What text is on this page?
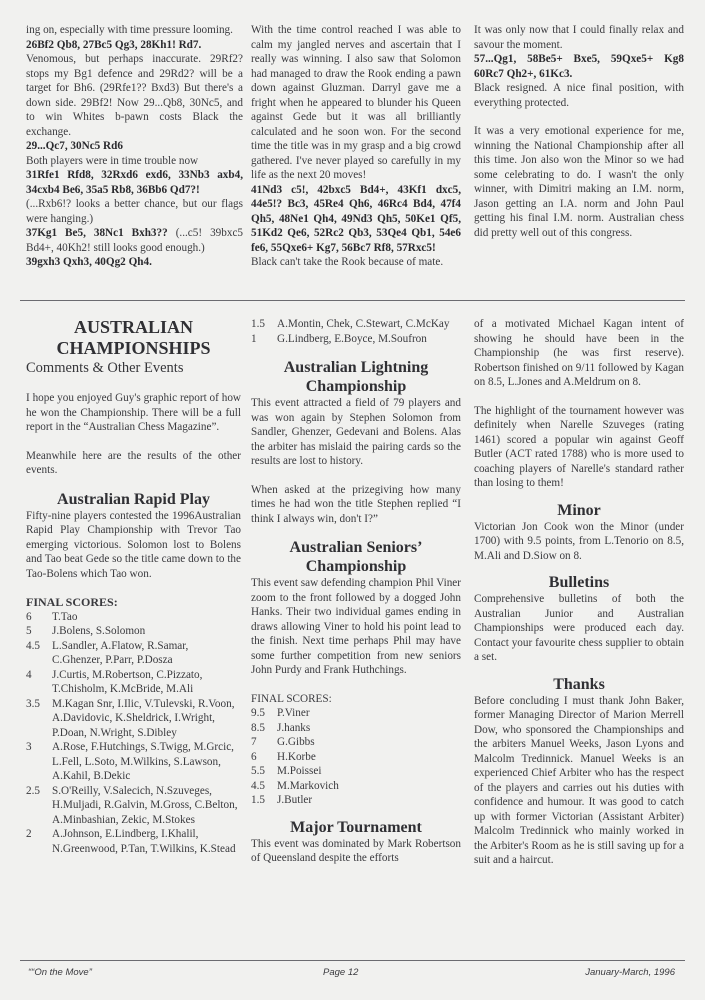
ing on, especially with time pressure looming.

26Bf2 Qb8, 27Bc5 Qg3, 28Kh1! Rd7.

Venomous, but perhaps inaccurate. 29Rf2? stops my Bg1 defence and 29Rd2? will be a target for Bh6. (29Rfe1?? Bxd3) But there's a down side. 29Bf2! Now 29...Qb8, 30Nc5, and to win Whites b-pawn costs Black the exchange.

29...Qc7, 30Nc5 Rd6

Both players were in time trouble now

31Rfe1 Rfd8, 32Rxd6 exd6, 33Nb3 axb4, 34cxb4 Be6, 35a5 Rb8, 36Bb6 Qd7?!

(...Rxb6!? looks a better chance, but our flags were hanging.)

37Kg1 Be5, 38Nc1 Bxh3?? (...c5! 39bxc5 Bd4+, 40Kh2! still looks good enough.)

39gxh3 Qxh3, 40Qg2 Qh4.

With the time control reached I was able to calm my jangled nerves and ascertain that I really was winning. I also saw that Solomon had managed to draw the Rook ending a pawn down against Gluzman. Darryl gave me a fright when he appeared to blunder his Queen against Gede but it was all brilliantly calculated and he soon won. For the second time the title was in my grasp and a big crowd gathered. I've never played so carefully in my life as the next 20 moves!

41Nd3 c5!, 42bxc5 Bd4+, 43Kf1 dxc5, 44e5!? Bc3, 45Re4 Qh6, 46Rc4 Bd4, 47f4 Qh5, 48Ne1 Qh4, 49Nd3 Qh5, 50Ke1 Qf5, 51Kd2 Qe6, 52Rc2 Qb3, 53Qe4 Qb1, 54e6 fe6, 55Qxe6+ Kg7, 56Bc7 Rf8, 57Rxc5!

Black can't take the Rook because of mate.

It was only now that I could finally relax and savour the moment.

57...Qg1, 58Be5+ Bxe5, 59Qxe5+ Kg8 60Rc7 Qh2+, 61Kc3.

Black resigned. A nice final position, with everything protected.

It was a very emotional experience for me, winning the National Championship after all this time. Jon also won the Minor so we had some celebrating to do. I wasn't the only winner, with Dimitri making an I.M. norm, Jason getting an I.A. norm and John Paul getting his final I.M. norm. Australian chess did pretty well out of this congress.

AUSTRALIAN

CHAMPIONSHIPS

Comments & Other Events

I hope you enjoyed Guy's graphic report of how he won the Championship. There will be a full report in the “Australian Chess Magazine”.

Meanwhile here are the results of the other events.

Australian Rapid Play

Fifty-nine players contested the 1996Australian Rapid Play Championship with Trevor Tao emerging victorious. Solomon lost to Bolens and Tao beat Gede so the title came down to the Tao-Bolens which Tao won.

FINAL SCORES:

6	T.Tao
5	J.Bolens, S.Solomon
4.5	L.Sandler, A.Flatow, R.Samar, C.Ghenzer, P.Parr, P.Dosza
4	J.Curtis, M.Robertson, C.Pizzato, T.Chisholm, K.McBride, M.Ali
3.5	M.Kagan Snr, I.Ilic, V.Tulevski, R.Voon, A.Davidovic, K.Sheldrick, I.Wright, P.Doan, N.Wright, S.Dibley
3	A.Rose, F.Hutchings, S.Twigg, M.Grcic, L.Fell, L.Soto, M.Wilkins, S.Lawson, A.Kahil, B.Dekic
2.5	S.O'Reilly, V.Salecich, N.Szuveges, H.Muljadi, R.Galvin, M.Gross, C.Belton, A.Minbashian, Zekic, M.Stokes
2	A.Johnson, E.Lindberg, I.Khalil, N.Greenwood, P.Tan, T.Wilkins, K.Stead
1.5	A.Montin, Chek, C.Stewart, C.McKay
1	G.Lindberg, E.Boyce, M.Soufron

Australian Lightning

Championship

This event attracted a field of 79 players and was won again by Stephen Solomon from Sandler, Ghenzer, Gedevani and Bolens. Alas the arbiter has mislaid the pairing cards so the results are lost to history.

When asked at the prizegiving how many times he had won the title Stephen replied “I think I always win, don't I?”

Australian Seniors’

Championship

This event saw defending champion Phil Viner zoom to the front followed by a dogged John Hanks. Their two individual games ending in draws allowing Viner to hold his point lead to the finish. Next time perhaps Phil may have some further competition from new seniors John Purdy and Frank Huthchings.

FINAL SCORES:

9.5	P.Viner
8.5	J.hanks
7	G.Gibbs
6	H.Korbe
5.5	M.Poissei
4.5	M.Markovich
1.5	J.Butler

Major Tournament

This event was dominated by Mark Robertson of Queensland despite the efforts

of a motivated Michael Kagan intent of showing he should have been in the Championship (he was first reserve). Robertson finished on 9/11 followed by Kagan on 8.5, L.Jones and A.Meldrum on 8.

The highlight of the tournament however was definitely when Narelle Szuveges (rating 1461) scored a popular win against Geoff Butler (ACT rated 1788) who is more used to coaching players of Narelle's standard rather than losing to them!

Minor

Victorian Jon Cook won the Minor (under 1700) with 9.5 points, from L.Tenorio on 8.5, M.Ali and D.Siow on 8.

Bulletins

Comprehensive bulletins of both the Australian Junior and Australian Championships were produced each day. Contact your favourite chess supplier to obtain a set.

Thanks

Before concluding I must thank John Baker, former Managing Director of Marion Merrell Dow, who sponsored the Championships and the arbiters Manuel Weeks, Jason Lyons and Malcolm Tredinnick. Manuel Weeks is an experienced Chief Arbiter who has the respect of the players and carries out his duties with confidence and humour. It was good to catch up with former Victorian (Assistant Arbiter) Malcolm Tredinnick who mainly worked in the Arbiter's Room as he is still saving up for a suit and a haircut.

““On the Move”	Page 12	January-March, 1996
